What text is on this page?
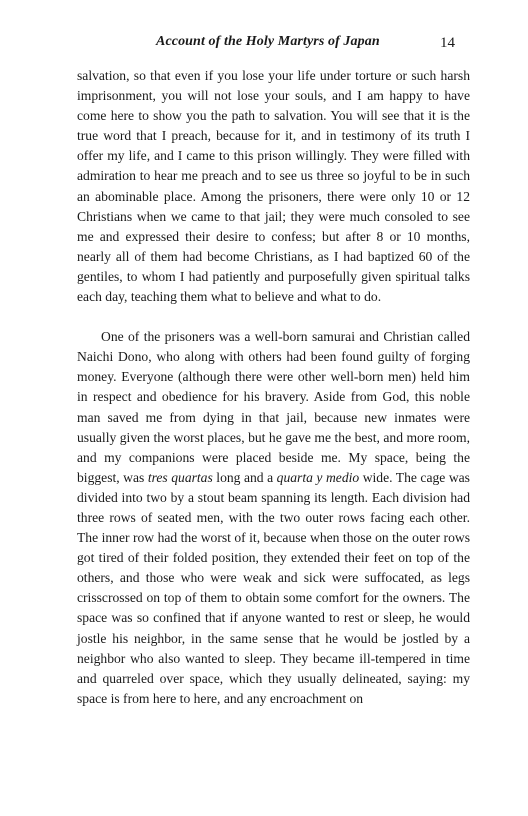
Account of the Holy Martyrs of Japan	14

salvation, so that even if you lose your life under torture or such harsh imprisonment, you will not lose your souls, and I am happy to have come here to show you the path to salvation. You will see that it is the true word that I preach, because for it, and in testimony of its truth I offer my life, and I came to this prison willingly. They were filled with admiration to hear me preach and to see us three so joyful to be in such an abominable place. Among the prisoners, there were only 10 or 12 Christians when we came to that jail; they were much consoled to see me and expressed their desire to confess; but after 8 or 10 months, nearly all of them had become Christians, as I had baptized 60 of the gentiles, to whom I had patiently and purposefully given spiritual talks each day, teaching them what to believe and what to do.

One of the prisoners was a well-born samurai and Christian called Naichi Dono, who along with others had been found guilty of forging money. Everyone (although there were other well-born men) held him in respect and obedience for his bravery. Aside from God, this noble man saved me from dying in that jail, because new inmates were usually given the worst places, but he gave me the best, and more room, and my companions were placed beside me. My space, being the biggest, was tres quartas long and a quarta y medio wide. The cage was divided into two by a stout beam spanning its length. Each division had three rows of seated men, with the two outer rows facing each other. The inner row had the worst of it, because when those on the outer rows got tired of their folded position, they extended their feet on top of the others, and those who were weak and sick were suffocated, as legs crisscrossed on top of them to obtain some comfort for the owners. The space was so confined that if anyone wanted to rest or sleep, he would jostle his neighbor, in the same sense that he would be jostled by a neighbor who also wanted to sleep. They became ill-tempered in time and quarreled over space, which they usually delineated, saying: my space is from here to here, and any encroachment on
